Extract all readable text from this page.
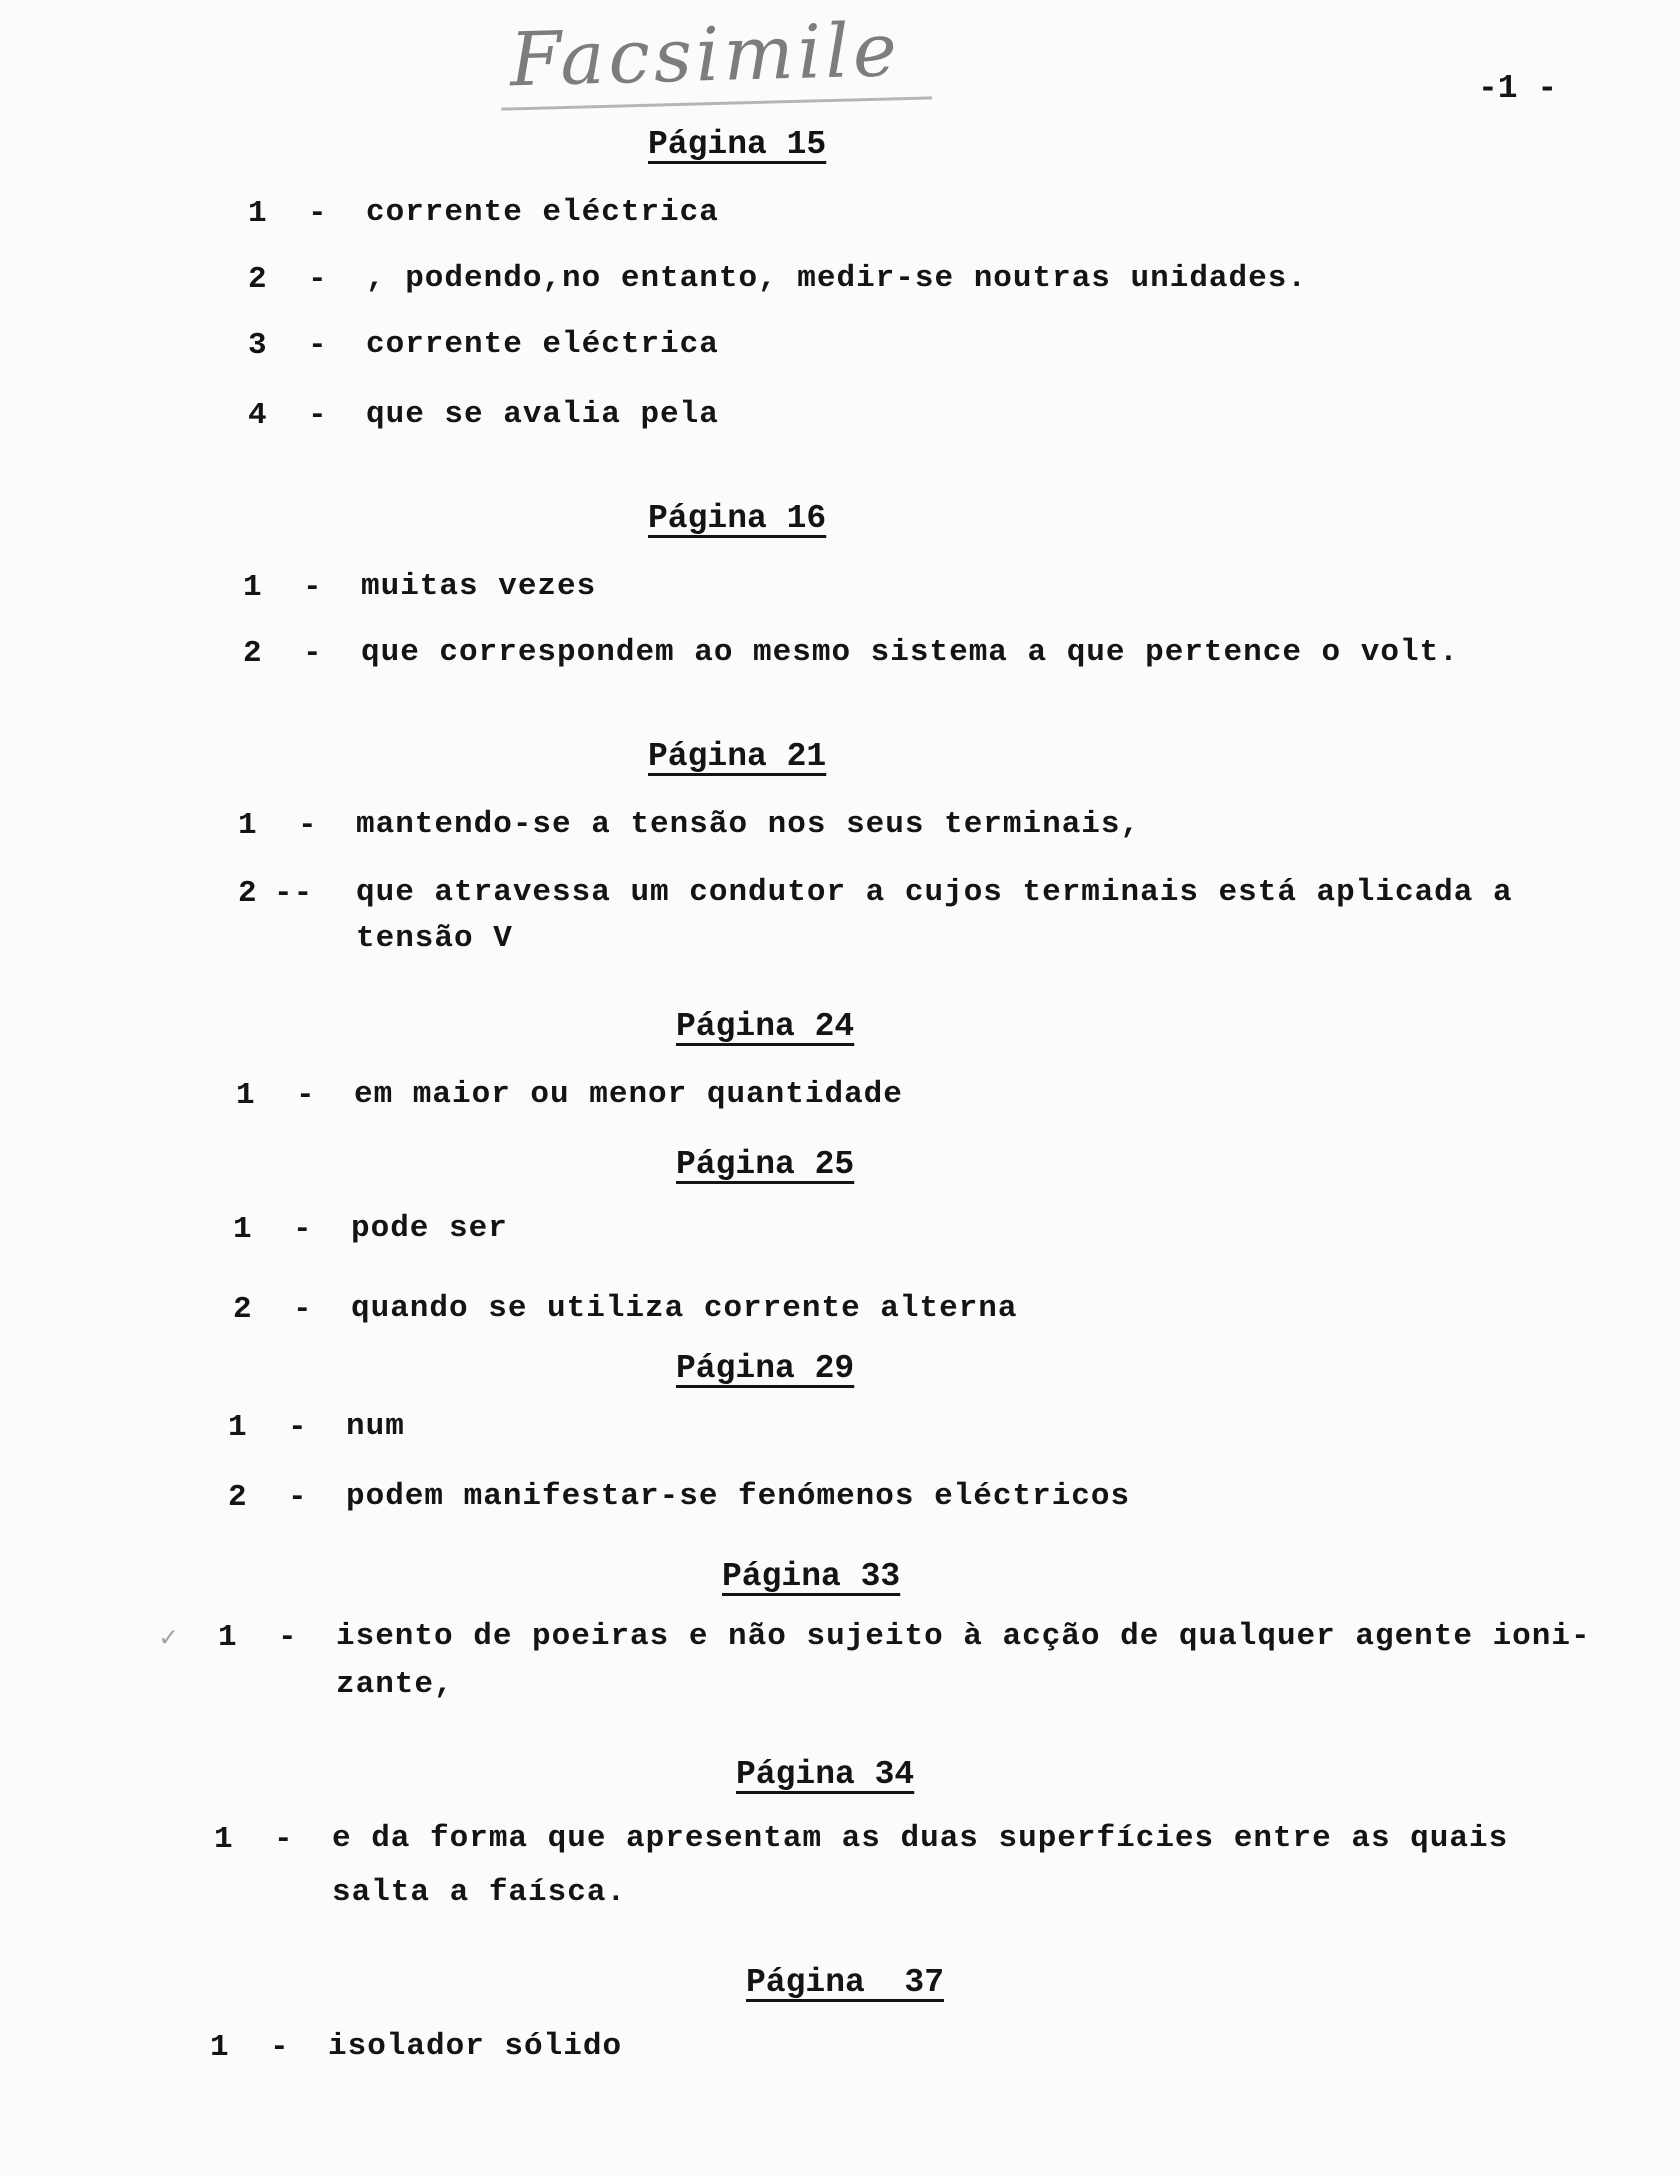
Facsimile	-1 -
Página 15
1 - corrente eléctrica
2 - , podendo,no entanto, medir-se noutras unidades.
3 - corrente eléctrica
4 - que se avalia pela
Página 16
1 - muitas vezes
2 - que correspondem ao mesmo sistema a que pertence o volt.
Página 21
1 - mantendo-se a tensão nos seus terminais,
2 -- que atravessa um condutor a cujos terminais está aplicada a
tensão V
Página 24
1 - em maior ou menor quantidade
Página 25
1 - pode ser
2 - quando se utiliza corrente alterna
Página 29
1 - num
2 - podem manifestar-se fenómenos eléctricos
Página 33
1 - isento de poeiras e não sujeito à acção de qualquer agente ioni-
zante,
Página 34
1 - e da forma que apresentam as duas superfícies entre as quais
salta a faísca.
Página  37
1 - isolador sólido
✓
